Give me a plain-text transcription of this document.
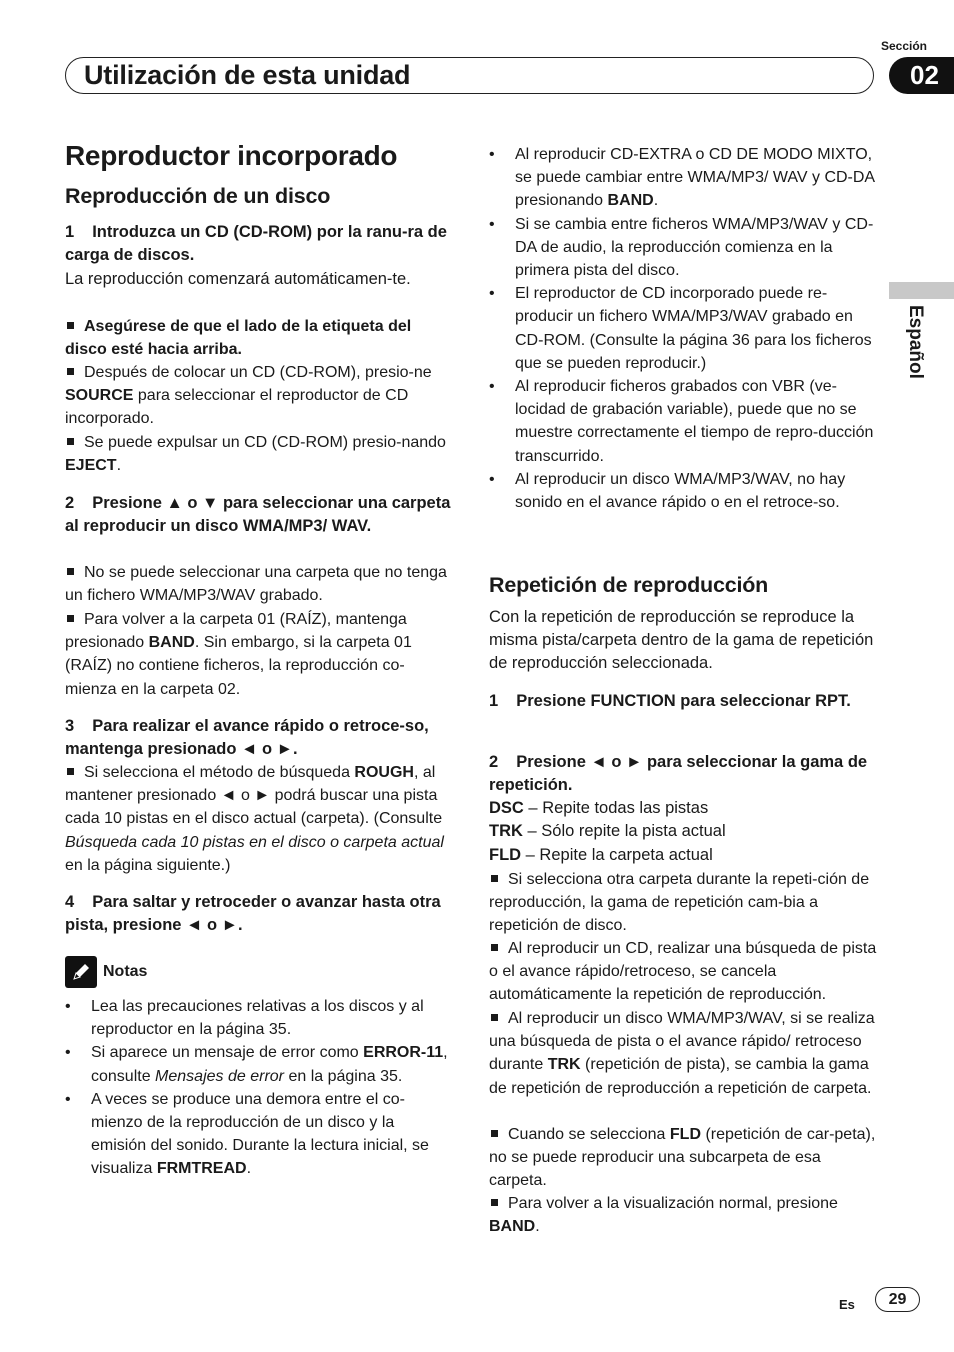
Sección
Utilización de esta unidad	02
Español
Reproductor incorporado
Reproducción de un disco
1 Introduzca un CD (CD-ROM) por la ranu-ra de carga de discos.

La reproducción comenzará automáticamen-te.

Asegúrese de que el lado de la etiqueta del disco esté hacia arriba.
Después de colocar un CD (CD-ROM), presio-ne SOURCE para seleccionar el reproductor de CD incorporado.
Se puede expulsar un CD (CD-ROM) presio-nando EJECT.
2 Presione ▲ o ▼ para seleccionar una carpeta al reproducir un disco WMA/MP3/ WAV.
No se puede seleccionar una carpeta que no tenga un fichero WMA/MP3/WAV grabado.
Para volver a la carpeta 01 (RAÍZ), mantenga presionado BAND. Sin embargo, si la carpeta 01 (RAÍZ) no contiene ficheros, la reproducción co-mienza en la carpeta 02.
3 Para realizar el avance rápido o retroce-so, mantenga presionado ◄ o ►.
Si selecciona el método de búsqueda ROUGH, al mantener presionado ◄ o ► podrá buscar una pista cada 10 pistas en el disco actual (carpeta). (Consulte Búsqueda cada 10 pistas en el disco o carpeta actual en la página siguiente.)
4 Para saltar y retroceder o avanzar hasta otra pista, presione ◄ o ►.
Notas
• Lea las precauciones relativas a los discos y al reproductor en la página 35.
• Si aparece un mensaje de error como ERROR-11, consulte Mensajes de error en la página 35.
• A veces se produce una demora entre el co-mienzo de la reproducción de un disco y la emisión del sonido. Durante la lectura inicial, se visualiza FRMTREAD.
• Al reproducir CD-EXTRA o CD DE MODO MIXTO, se puede cambiar entre WMA/MP3/ WAV y CD-DA presionando BAND.
• Si se cambia entre ficheros WMA/MP3/WAV y CD-DA de audio, la reproducción comienza en la primera pista del disco.
• El reproductor de CD incorporado puede re-producir un fichero WMA/MP3/WAV grabado en CD-ROM. (Consulte la página 36 para los ficheros que se pueden reproducir.)
• Al reproducir ficheros grabados con VBR (ve-locidad de grabación variable), puede que no se muestre correctamente el tiempo de repro-ducción transcurrido.
• Al reproducir un disco WMA/MP3/WAV, no hay sonido en el avance rápido o en el retroce-so.
Repetición de reproducción

Con la repetición de reproducción se reproduce la misma pista/carpeta dentro de la gama de repetición de reproducción seleccionada.

1 Presione FUNCTION para seleccionar RPT.
2 Presione ◄ o ► para seleccionar la gama de repetición.

DSC – Repite todas las pistas

TRK – Sólo repite la pista actual

FLD – Repite la carpeta actual

Si selecciona otra carpeta durante la repeti-ción de reproducción, la gama de repetición cam-bia a repetición de disco.
Al reproducir un CD, realizar una búsqueda de pista o el avance rápido/retroceso, se cancela automáticamente la repetición de reproducción.
Al reproducir un disco WMA/MP3/WAV, si se realiza una búsqueda de pista o el avance rápido/ retroceso durante TRK (repetición de pista), se cambia la gama de repetición de reproducción a repetición de carpeta.
Cuando se selecciona FLD (repetición de car-peta), no se puede reproducir una subcarpeta de esa carpeta.
Para volver a la visualización normal, presione BAND.
Es	29
